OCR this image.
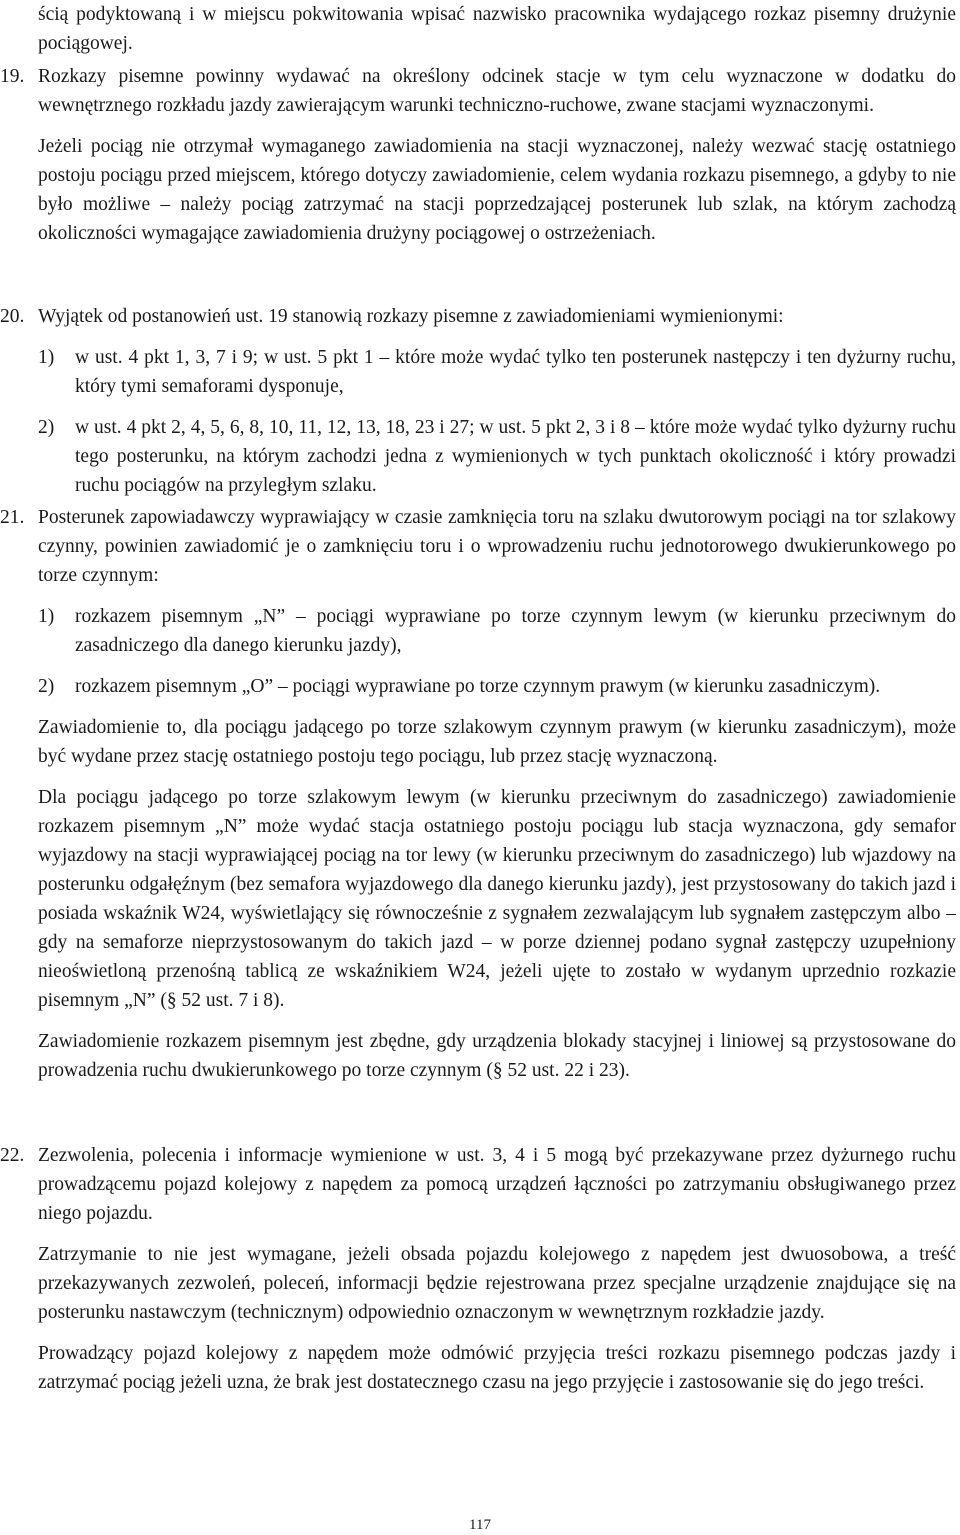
ścią podyktowaną i w miejscu pokwitowania wpisać nazwisko pracownika wydającego rozkaz pisemny drużynie pociągowej.

19. Rozkazy pisemne powinny wydawać na określony odcinek stacje w tym celu wyznaczone w dodatku do wewnętrznego rozkładu jazdy zawierającym warunki techniczno-ruchowe, zwane stacjami wyznaczonymi.

Jeżeli pociąg nie otrzymał wymaganego zawiadomienia na stacji wyznaczonej, należy wezwać stację ostatniego postoju pociągu przed miejscem, którego dotyczy zawiadomienie, celem wydania rozkazu pisemnego, a gdyby to nie było możliwe – należy pociąg zatrzymać na stacji poprzedzającej posterunek lub szlak, na którym zachodzą okoliczności wymagające zawiadomienia drużyny pociągowej o ostrzeżeniach.

20. Wyjątek od postanowień ust. 19 stanowią rozkazy pisemne z zawiadomieniami wymienionymi:

1)	w ust. 4 pkt 1, 3, 7 i 9; w ust. 5 pkt 1 – które może wydać tylko ten posterunek następczy i ten dyżurny ruchu, który tymi semaforami dysponuje,
2)	w ust. 4 pkt 2, 4, 5, 6, 8, 10, 11, 12, 13, 18, 23 i 27; w ust. 5 pkt 2, 3 i 8 – które może wydać tylko dyżurny ruchu tego posterunku, na którym zachodzi jedna z wymienionych w tych punktach okoliczność i który prowadzi ruchu pociągów na przyległym szlaku.
21. Posterunek zapowiadawczy wyprawiający w czasie zamknięcia toru na szlaku dwutorowym pociągi na tor szlakowy czynny, powinien zawiadomić je o zamknięciu toru i o wprowadzeniu ruchu jednotorowego dwukierunkowego po torze czynnym:

1)	rozkazem pisemnym „N” – pociągi wyprawiane po torze czynnym lewym (w kierunku przeciwnym do zasadniczego dla danego kierunku jazdy),
2)	rozkazem pisemnym „O” – pociągi wyprawiane po torze czynnym prawym (w kierunku zasadniczym).

Zawiadomienie to, dla pociągu jadącego po torze szlakowym czynnym prawym (w kierunku zasadniczym), może być wydane przez stację ostatniego postoju tego pociągu, lub przez stację wyznaczoną.

Dla pociągu jadącego po torze szlakowym lewym (w kierunku przeciwnym do zasadniczego) zawiadomienie rozkazem pisemnym „N” może wydać stacja ostatniego postoju pociągu lub stacja wyznaczona, gdy semafor wyjazdowy na stacji wyprawiającej pociąg na tor lewy (w kierunku przeciwnym do zasadniczego) lub wjazdowy na posterunku odgałęźnym (bez semafora wyjazdowego dla danego kierunku jazdy), jest przystosowany do takich jazd i posiada wskaźnik W24, wyświetlający się równocześnie z sygnałem zezwalającym lub sygnałem zastępczym albo – gdy na semaforze nieprzystosowanym do takich jazd – w porze dziennej podano sygnał zastępczy uzupełniony nieoświetloną przenośną tablicą ze wskaźnikiem W24, jeżeli ujęte to zostało w wydanym uprzednio rozkazie pisemnym „N” (§ 52 ust. 7 i 8).

Zawiadomienie rozkazem pisemnym jest zbędne, gdy urządzenia blokady stacyjnej i liniowej są przystosowane do prowadzenia ruchu dwukierunkowego po torze czynnym (§ 52 ust. 22 i 23).

22. Zezwolenia, polecenia i informacje wymienione w ust. 3, 4 i 5 mogą być przekazywane przez dyżurnego ruchu prowadzącemu pojazd kolejowy z napędem za pomocą urządzeń łączności po zatrzymaniu obsługiwanego przez niego pojazdu.

Zatrzymanie to nie jest wymagane, jeżeli obsada pojazdu kolejowego z napędem jest dwuosobowa, a treść przekazywanych zezwoleń, poleceń, informacji będzie rejestrowana przez specjalne urządzenie znajdujące się na posterunku nastawczym (technicznym) odpowiednio oznaczonym w wewnętrznym rozkładzie jazdy.

Prowadzący pojazd kolejowy z napędem może odmówić przyjęcia treści rozkazu pisemnego podczas jazdy i zatrzymać pociąg jeżeli uzna, że brak jest dostatecznego czasu na jego przyjęcie i zastosowanie się do jego treści.

117
